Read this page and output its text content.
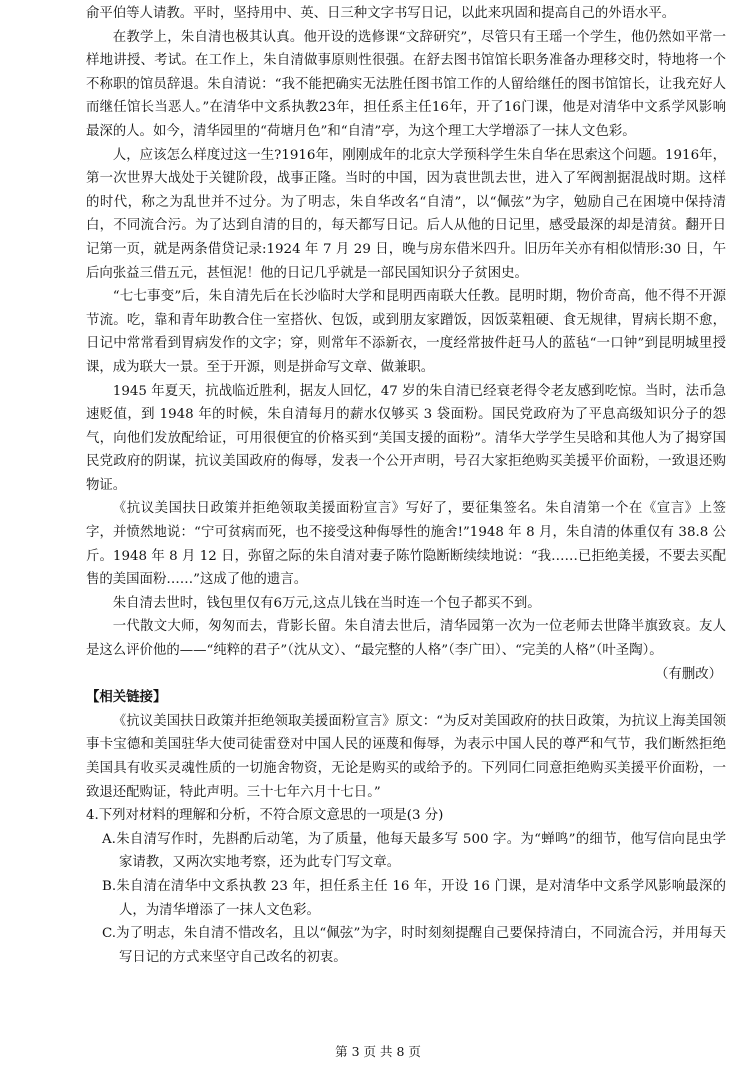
俞平伯等人请教。平时，坚持用中、英、日三种文字书写日记，以此来巩固和提高自己的外语水平。

在教学上，朱自清也极其认真。他开设的选修课“文辞研究”，尽管只有王瑶一个学生，他仍然如平常一样地讲授、考试。在工作上，朱自清做事原则性很强。在舒去图书馆馆长职务准备办理移交时，特地将一个不称职的馆员辞退。朱自清说：“我不能把确实无法胜任图书馆工作的人留给继任的图书馆馆长，让我充好人而继任馆长当恶人。”在清华中文系执教23年，担任系主任16年，开了16门课，他是对清华中文系学风影响最深的人。如今，清华园里的“荷塘月色”和“自清”亭，为这个理工大学增添了一抹人文色彩。

人，应该怎么样度过这一生?1916年，刚刚成年的北京大学预科学生朱自华在思索这个问题。1916年，第一次世界大战处于关键阶段，战事正隆。当时的中国，因为袁世凯去世，进入了军阀割据混战时期。这样的时代，称之为乱世并不过分。为了明志，朱自华改名“自清”，以“佩弦”为字，勉励自己在困境中保持清白，不同流合污。为了达到自清的目的，每天都写日记。后人从他的日记里，感受最深的却是清贫。翻开日记第一页，就是两条借贷记录:1924 年 7 月 29 日，晚与房东借米四升。旧历年关亦有相似情形:30 日，午后向张益三借五元，甚恒泥！他的日记几乎就是一部民国知识分子贫困史。

“七七事变”后，朱自清先后在长沙临时大学和昆明西南联大任教。昆明时期，物价奇高，他不得不开源节流。吃，靠和青年助教合住一室搭伙、包饭，或到朋友家蹭饭，因饭菜粗硬、食无规律，胃病长期不愈，日记中常常看到胃病发作的文字；穿，则常年不添新衣，一度经常披件赶马人的蓝毡“一口钟”到昆明城里授课，成为联大一景。至于开源，则是拼命写文章、做兼职。

1945 年夏天，抗战临近胜利，据友人回忆，47 岁的朱自清已经衰老得令老友感到吃惊。当时，法币急速贬值，到 1948 年的时候，朱自清每月的薪水仅够买 3 袋面粉。国民党政府为了平息高级知识分子的怨气，向他们发放配给证，可用很便宜的价格买到“美国支援的面粉”。清华大学学生吴晗和其他人为了揭穿国民党政府的阴谋，抗议美国政府的侮辱，发表一个公开声明，号召大家拒绝购买美援平价面粉，一致退还购物证。

《抗议美国扶日政策并拒绝领取美援面粉宣言》写好了，要征集签名。朱自清第一个在《宣言》上签字，并愤然地说：“宁可贫病而死，也不接受这种侮辱性的施舍!”1948 年 8 月，朱自清的体重仅有 38.8 公斤。1948 年 8 月 12 日，弥留之际的朱自清对妻子陈竹隐断断续续地说：“我……已拒绝美援，不要去买配售的美国面粉……”这成了他的遗言。

朱自清去世时，钱包里仅有6万元,这点儿钱在当时连一个包子都买不到。

一代散文大师，匆匆而去，背影长留。朱自清去世后，清华园第一次为一位老师去世降半旗致哀。友人是这么评价他的——“纯粹的君子”（沈从文）、“最完整的人格”（李广田）、“完美的人格”（叶圣陶）。

（有删改）

【相关链接】

《抗议美国扶日政策并拒绝领取美援面粉宣言》原文：“为反对美国政府的扶日政策，为抗议上海美国领事卡宝德和美国驻华大使司徒雷登对中国人民的诬蔑和侮辱，为表示中国人民的尊严和气节，我们断然拒绝美国具有收买灵魂性质的一切施舍物资，无论是购买的或给予的。下列同仁同意拒绝购买美援平价面粉，一致退还配购证，特此声明。三十七年六月十七日。”

4.下列对材料的理解和分析，不符合原文意思的一项是(3 分)

A.朱自清写作时，先斟酌后动笔，为了质量，他每天最多写 500 字。为“蝉鸣”的细节，他写信向昆虫学家请教，又两次实地考察，还为此专门写文章。

B.朱自清在清华中文系执教 23 年，担任系主任 16 年，开设 16 门课，是对清华中文系学风影响最深的人，为清华增添了一抹人文色彩。

C.为了明志，朱自清不惜改名，且以“佩弦”为字，时时刻刻提醒自己要保持清白，不同流合污，并用每天写日记的方式来坚守自己改名的初衷。

第 3 页 共 8 页
